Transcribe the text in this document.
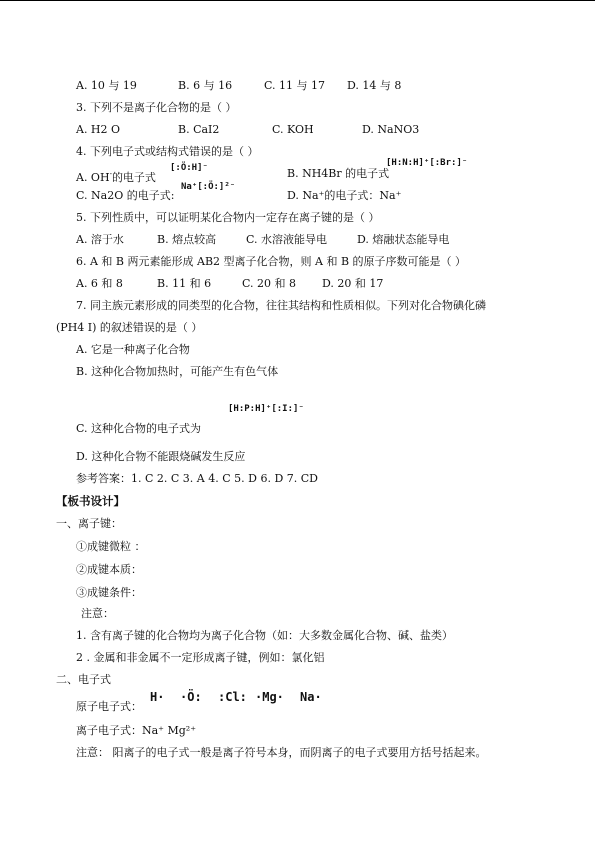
A. 10 与 19	B. 6 与 16	C. 11 与 17 D. 14 与 8
3. 下列不是离子化合物的是（ ）
A. H2 O	B. CaI2	C. KOH	D. NaNO3
4. 下列电子式或结构式错误的是（ ）
A. OH-的电子式
[:Ö:H]⁻	B. NH4Br 的电子式
[H:N:H]⁺[:Br:]⁻
C. Na2O 的电子式:
Na⁺[:Ö:]²⁻
D. Na⁺的电子式：Na⁺
5. 下列性质中，可以证明某化合物内一定存在离子键的是（ ）
A. 溶于水	B. 熔点较高	C. 水溶液能导电	D. 熔融状态能导电
6. A 和 B 两元素能形成 AB2 型离子化合物，则 A 和 B 的原子序数可能是（ ）
A. 6 和 8	B. 11 和 6	C. 20 和 8 D. 20 和 17
7. 同主族元素形成的同类型的化合物，往往其结构和性质相似。下列对化合物碘化磷
(PH4 I) 的叙述错误的是（ ）
A. 它是一种离子化合物
B. 这种化合物加热时，可能产生有色气体
C. 这种化合物的电子式为
[H:P:H]⁺[:I:]⁻
D. 这种化合物不能跟烧碱发生反应
参考答案：1. C 2. C 3. A 4. C 5. D 6. D 7. CD
【板书设计】
一、离子键：
①成键微粒 ：
②成键本质：
③成键条件：
注意：
1. 含有离子键的化合物均为离子化合物（如：大多数金属化合物、碱、盐类）
2 . 金属和非金属不一定形成离子键，例如：氯化铝
二、电子式
原子电子式：
H· ·Ö: :Cl: ·Mg· Na·
离子电子式：Na⁺ Mg²⁺
注意： 阳离子的电子式一般是离子符号本身，而阴离子的电子式要用方括号括起来。
